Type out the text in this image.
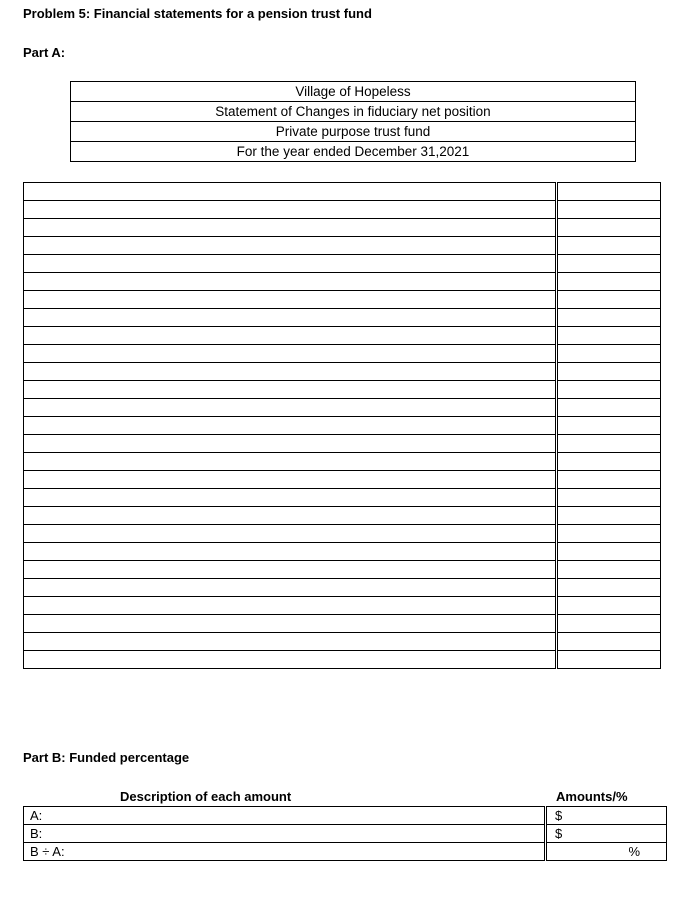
Problem 5: Financial statements for a pension trust fund
Part A:
Village of Hopeless
Statement of Changes in fiduciary net position
Private purpose trust fund
For the year ended December 31,2021

Part B: Funded percentage
Description of each amount	Amounts/%
A:	$
B:	$
B ÷ A:	%
